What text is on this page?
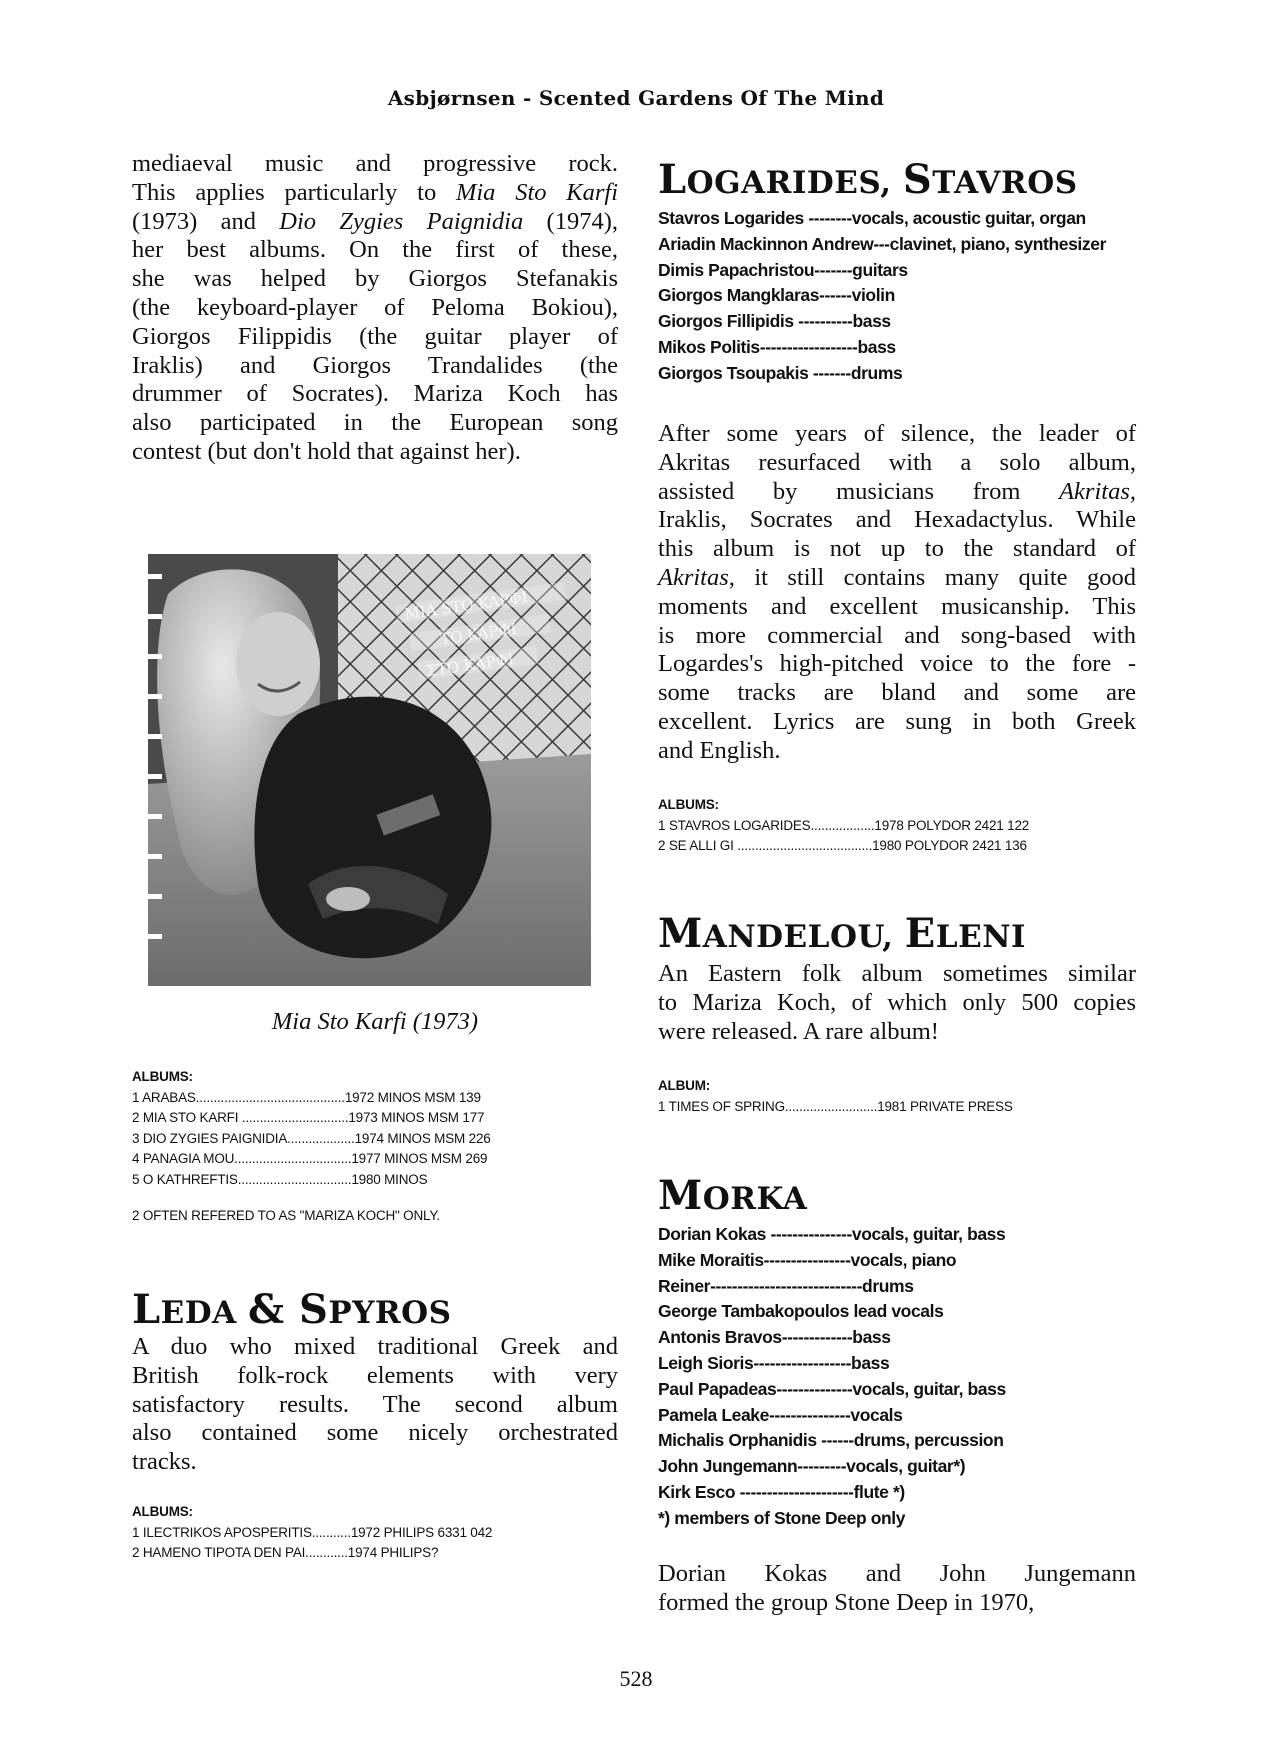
Asbjørnsen - Scented Gardens Of The Mind
mediaeval music and progressive rock.
This applies particularly to Mia Sto Karfi
(1973) and Dio Zygies Paignidia (1974),
her best albums. On the first of these,
she was helped by Giorgos Stefanakis
(the keyboard-player of Peloma Bokiou),
Giorgos Filippidis (the guitar player of
Iraklis) and Giorgos Trandalides (the
drummer of Socrates). Mariza Koch has
also participated in the European song
contest (but don't hold that against her).
MIA STO KAPΦI
TO KAPΦI
ΣΤΟ ΚΑΡΦΙ
Mia Sto Karfi (1973)
ALBUMS:
1 ARABAS..........................................1972 MINOS MSM 139
2 MIA STO KARFI ..............................1973 MINOS MSM 177
3 DIO ZYGIES PAIGNIDIA...................1974 MINOS MSM 226
4 PANAGIA MOU.................................1977 MINOS MSM 269
5 O KATHREFTIS................................1980 MINOS
2 OFTEN REFERED TO AS "MARIZA KOCH" ONLY.
LEDA & SPYROS
A duo who mixed traditional Greek and
British folk-rock elements with very
satisfactory results. The second album
also contained some nicely orchestrated
tracks.
ALBUMS:
1 ILECTRIKOS APOSPERITIS...........1972 PHILIPS 6331 042
2 HAMENO TIPOTA DEN PAI............1974 PHILIPS?
LOGARIDES, STAVROS
Stavros Logarides --------vocals, acoustic guitar, organ
Ariadin Mackinnon Andrew---clavinet, piano, synthesizer
Dimis Papachristou-------guitars
Giorgos Mangklaras------violin
Giorgos Fillipidis ----------bass
Mikos Politis------------------bass
Giorgos Tsoupakis -------drums
After some years of silence, the leader of
Akritas resurfaced with a solo album,
assisted by musicians from Akritas,
Iraklis, Socrates and Hexadactylus. While
this album is not up to the standard of
Akritas, it still contains many quite good
moments and excellent musicanship. This
is more commercial and song-based with
Logardes's high-pitched voice to the fore -
some tracks are bland and some are
excellent. Lyrics are sung in both Greek
and English.
ALBUMS:
1 STAVROS LOGARIDES..................1978 POLYDOR 2421 122
2 SE ALLI GI ......................................1980 POLYDOR 2421 136
MANDELOU, ELENI
An Eastern folk album sometimes similar
to Mariza Koch, of which only 500 copies
were released. A rare album!
ALBUM:
1 TIMES OF SPRING..........................1981 PRIVATE PRESS
MORKA
Dorian Kokas ---------------vocals, guitar, bass
Mike Moraitis----------------vocals, piano
Reiner----------------------------drums
George Tambakopoulos lead vocals
Antonis Bravos-------------bass
Leigh Sioris------------------bass
Paul Papadeas--------------vocals, guitar, bass
Pamela Leake---------------vocals
Michalis Orphanidis ------drums, percussion
John Jungemann---------vocals, guitar*)
Kirk Esco ---------------------flute *)
*) members of Stone Deep only
Dorian Kokas and John Jungemann
formed the group Stone Deep in 1970,
528
